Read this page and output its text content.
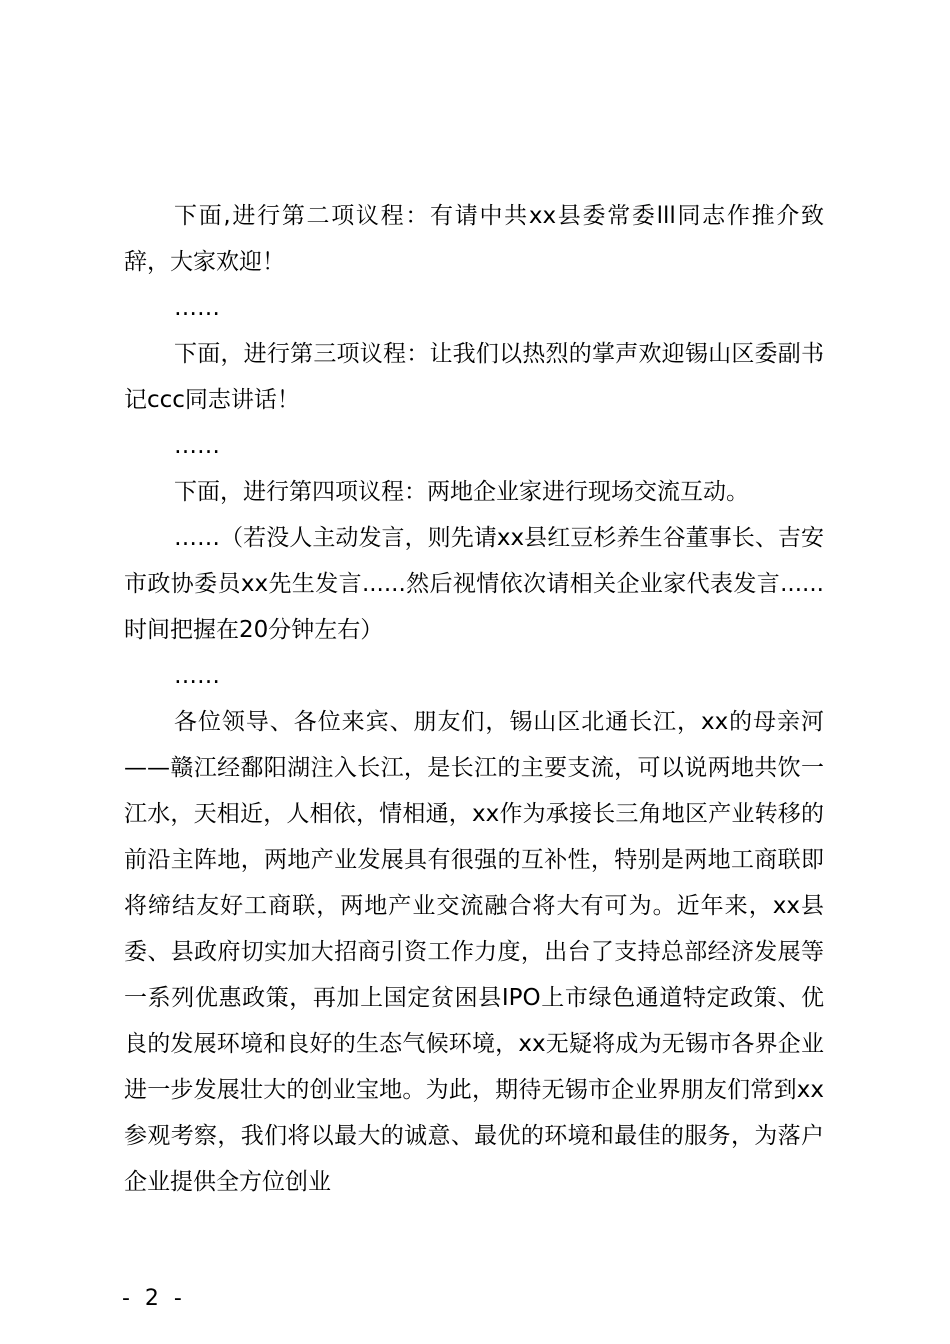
下面,进行第二项议程：有请中共xx县委常委lll同志作推介致辞，大家欢迎！

……

下面，进行第三项议程：让我们以热烈的掌声欢迎锡山区委副书记ccc同志讲话！

……

下面，进行第四项议程：两地企业家进行现场交流互动。

……（若没人主动发言，则先请xx县红豆杉养生谷董事长、吉安市政协委员xx先生发言......然后视情依次请相关企业家代表发言......时间把握在20分钟左右）

……

各位领导、各位来宾、朋友们，锡山区北通长江，xx的母亲河——赣江经鄱阳湖注入长江，是长江的主要支流，可以说两地共饮一江水，天相近，人相依，情相通，xx作为承接长三角地区产业转移的前沿主阵地，两地产业发展具有很强的互补性，特别是两地工商联即将缔结友好工商联，两地产业交流融合将大有可为。近年来，xx县委、县政府切实加大招商引资工作力度，出台了支持总部经济发展等一系列优惠政策，再加上国定贫困县IPO上市绿色通道特定政策、优良的发展环境和良好的生态气候环境，xx无疑将成为无锡市各界企业进一步发展壮大的创业宝地。为此，期待无锡市企业界朋友们常到xx参观考察，我们将以最大的诚意、最优的环境和最佳的服务，为落户企业提供全方位创业

- 2 -
